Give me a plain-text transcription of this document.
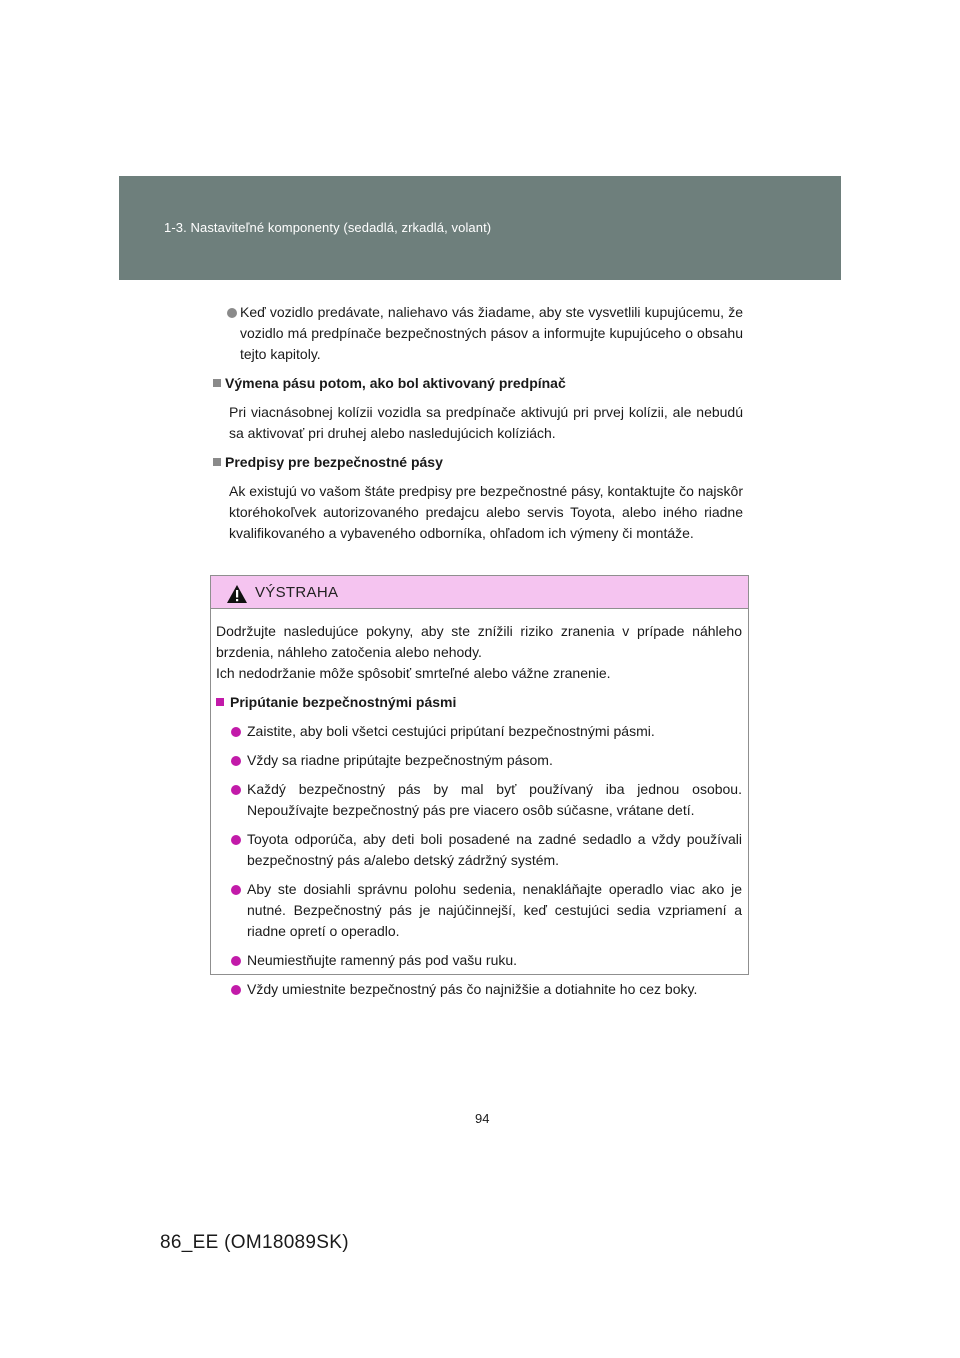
1-3. Nastaviteľné komponenty (sedadlá, zrkadlá, volant)
Keď vozidlo predávate, naliehavo vás žiadame, aby ste vysvetlili kupujúcemu, že vozidlo má predpínače bezpečnostných pásov a informujte kupujúceho o obsahu tejto kapitoly.
Výmena pásu potom, ako bol aktivovaný predpínač
Pri viacnásobnej kolízii vozidla sa predpínače aktivujú pri prvej kolízii, ale nebudú sa aktivovať pri druhej alebo nasledujúcich kolíziách.
Predpisy pre bezpečnostné pásy
Ak existujú vo vašom štáte predpisy pre bezpečnostné pásy, kontaktujte čo najskôr ktoréhokoľvek autorizovaného predajcu alebo servis Toyota, alebo iného riadne kvalifikovaného a vybaveného odborníka, ohľadom ich výmeny či montáže.
VÝSTRAHA
Dodržujte nasledujúce pokyny, aby ste znížili riziko zranenia v prípade náhleho brzdenia, náhleho zatočenia alebo nehody.
Ich nedodržanie môže spôsobiť smrteľné alebo vážne zranenie.
Pripútanie bezpečnostnými pásmi
Zaistite, aby boli všetci cestujúci pripútaní bezpečnostnými pásmi.
Vždy sa riadne pripútajte bezpečnostným pásom.
Každý bezpečnostný pás by mal byť používaný iba jednou osobou. Nepoužívajte bezpečnostný pás pre viacero osôb súčasne, vrátane detí.
Toyota odporúča, aby deti boli posadené na zadné sedadlo a vždy používali bezpečnostný pás a/alebo detský zádržný systém.
Aby ste dosiahli správnu polohu sedenia, nenakláňajte operadlo viac ako je nutné. Bezpečnostný pás je najúčinnejší, keď cestujúci sedia vzpriamení a riadne opretí o operadlo.
Neumiestňujte ramenný pás pod vašu ruku.
Vždy umiestnite bezpečnostný pás čo najnižšie a dotiahnite ho cez boky.
94
86_EE (OM18089SK)
